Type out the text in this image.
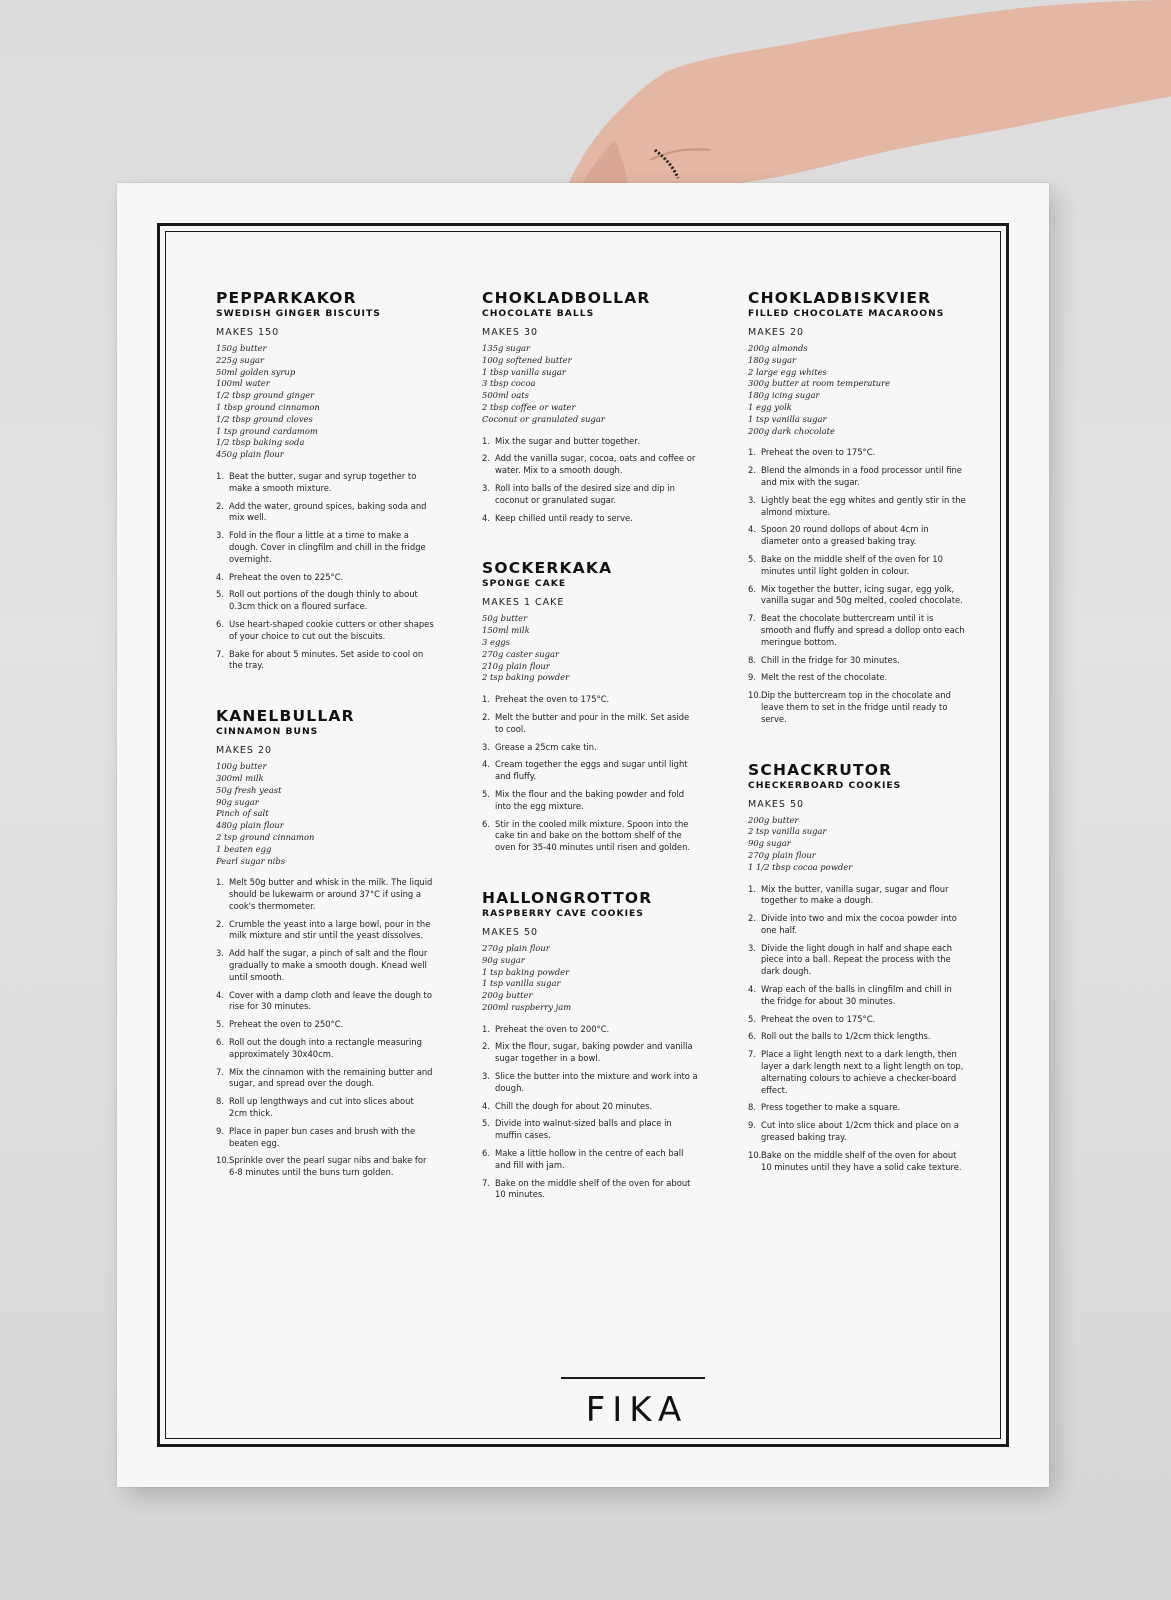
PEPPARKAKOR
SWEDISH GINGER BISCUITS
MAKES 150
150g butter
225g sugar
50ml golden syrup
100ml water
1/2 tbsp ground ginger
1 tbsp ground cinnamon
1/2 tbsp ground cloves
1 tsp ground cardamom
1/2 tbsp baking soda
450g plain flour
1. Beat the butter, sugar and syrup together to make a smooth mixture.
2. Add the water, ground spices, baking soda and mix well.
3. Fold in the flour a little at a time to make a dough. Cover in clingfilm and chill in the fridge overnight.
4. Preheat the oven to 225°C.
5. Roll out portions of the dough thinly to about 0.3cm thick on a floured surface.
6. Use heart-shaped cookie cutters or other shapes of your choice to cut out the biscuits.
7. Bake for about 5 minutes. Set aside to cool on the tray.
KANELBULLAR
CINNAMON BUNS
MAKES 20
100g butter
300ml milk
50g fresh yeast
90g sugar
Pinch of salt
480g plain flour
2 tsp ground cinnamon
1 beaten egg
Pearl sugar nibs
1. Melt 50g butter and whisk in the milk. The liquid should be lukewarm or around 37°C if using a cook's thermometer.
2. Crumble the yeast into a large bowl, pour in the milk mixture and stir until the yeast dissolves.
3. Add half the sugar, a pinch of salt and the flour gradually to make a smooth dough. Knead well until smooth.
4. Cover with a damp cloth and leave the dough to rise for 30 minutes.
5. Preheat the oven to 250°C.
6. Roll out the dough into a rectangle measuring approximately 30x40cm.
7. Mix the cinnamon with the remaining butter and sugar, and spread over the dough.
8. Roll up lengthways and cut into slices about 2cm thick.
9. Place in paper bun cases and brush with the beaten egg.
10. Sprinkle over the pearl sugar nibs and bake for 6-8 minutes until the buns turn golden.
CHOKLADBOLLAR
CHOCOLATE BALLS
MAKES 30
135g sugar
100g softened butter
1 tbsp vanilla sugar
3 tbsp cocoa
500ml oats
2 tbsp coffee or water
Coconut or granulated sugar
1. Mix the sugar and butter together.
2. Add the vanilla sugar, cocoa, oats and coffee or water. Mix to a smooth dough.
3. Roll into balls of the desired size and dip in coconut or granulated sugar.
4. Keep chilled until ready to serve.
SOCKERKAKA
SPONGE CAKE
MAKES 1 CAKE
50g butter
150ml milk
3 eggs
270g caster sugar
210g plain flour
2 tsp baking powder
1. Preheat the oven to 175°C.
2. Melt the butter and pour in the milk. Set aside to cool.
3. Grease a 25cm cake tin.
4. Cream together the eggs and sugar until light and fluffy.
5. Mix the flour and the baking powder and fold into the egg mixture.
6. Stir in the cooled milk mixture. Spoon into the cake tin and bake on the bottom shelf of the oven for 35-40 minutes until risen and golden.
HALLONGROTTOR
RASPBERRY CAVE COOKIES
MAKES 50
270g plain flour
90g sugar
1 tsp baking powder
1 tsp vanilla sugar
200g butter
200ml raspberry jam
1. Preheat the oven to 200°C.
2. Mix the flour, sugar, baking powder and vanilla sugar together in a bowl.
3. Slice the butter into the mixture and work into a dough.
4. Chill the dough for about 20 minutes.
5. Divide into walnut-sized balls and place in muffin cases.
6. Make a little hollow in the centre of each ball and fill with jam.
7. Bake on the middle shelf of the oven for about 10 minutes.
CHOKLADBISKVIER
FILLED CHOCOLATE MACAROONS
MAKES 20
200g almonds
180g sugar
2 large egg whites
300g butter at room temperature
180g icing sugar
1 egg yolk
1 tsp vanilla sugar
200g dark chocolate
1. Preheat the oven to 175°C.
2. Blend the almonds in a food processor until fine and mix with the sugar.
3. Lightly beat the egg whites and gently stir in the almond mixture.
4. Spoon 20 round dollops of about 4cm in diameter onto a greased baking tray.
5. Bake on the middle shelf of the oven for 10 minutes until light golden in colour.
6. Mix together the butter, icing sugar, egg yolk, vanilla sugar and 50g melted, cooled chocolate.
7. Beat the chocolate buttercream until it is smooth and fluffy and spread a dollop onto each meringue bottom.
8. Chill in the fridge for 30 minutes.
9. Melt the rest of the chocolate.
10. Dip the buttercream top in the chocolate and leave them to set in the fridge until ready to serve.
SCHACKRUTOR
CHECKERBOARD COOKIES
MAKES 50
200g butter
2 tsp vanilla sugar
90g sugar
270g plain flour
1 1/2 tbsp cocoa powder
1. Mix the butter, vanilla sugar, sugar and flour together to make a dough.
2. Divide into two and mix the cocoa powder into one half.
3. Divide the light dough in half and shape each piece into a ball. Repeat the process with the dark dough.
4. Wrap each of the balls in clingfilm and chill in the fridge for about 30 minutes.
5. Preheat the oven to 175°C.
6. Roll out the balls to 1/2cm thick lengths.
7. Place a light length next to a dark length, then layer a dark length next to a light length on top, alternating colours to achieve a checker-board effect.
8. Press together to make a square.
9. Cut into slice about 1/2cm thick and place on a greased baking tray.
10. Bake on the middle shelf of the oven for about 10 minutes until they have a solid cake texture.
FIKA
